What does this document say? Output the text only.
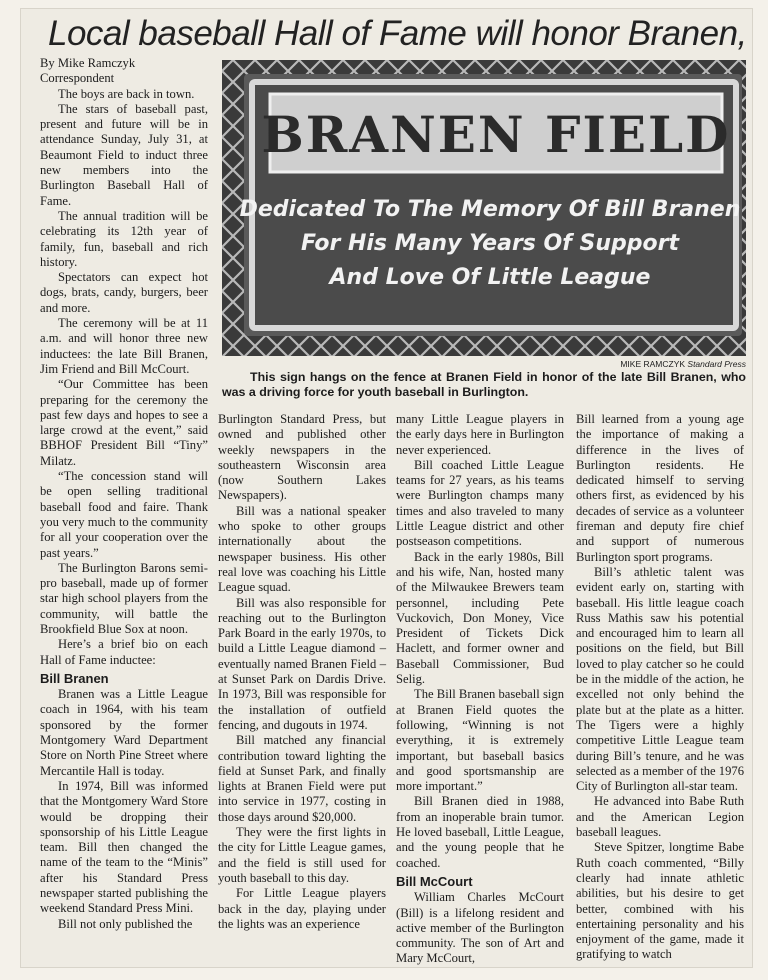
Local baseball Hall of Fame will honor Branen,

By Mike Ramczyk

Correspondent

The boys are back in town.

The stars of baseball past, present and future will be in attendance Sunday, July 31, at Beaumont Field to induct three new members into the Burlington Baseball Hall of Fame.

The annual tradition will be celebrating its 12th year of family, fun, baseball and rich history.

Spectators can expect hot dogs, brats, candy, burgers, beer and more.

The ceremony will be at 11 a.m. and will honor three new inductees: the late Bill Branen, Jim Friend and Bill McCourt.

“Our Committee has been preparing for the ceremony the past few days and hopes to see a large crowd at the event,” said BBHOF President Bill “Tiny” Milatz.

“The concession stand will be open selling traditional baseball food and faire. Thank you very much to the community for all your cooperation over the past years.”

The Burlington Barons semi-pro baseball, made up of former star high school players from the community, will battle the Brookfield Blue Sox at noon.

Here’s a brief bio on each Hall of Fame inductee:

Bill Branen

Branen was a Little League coach in 1964, with his team sponsored by the former Montgomery Ward Department Store on North Pine Street where Mercantile Hall is today.

In 1974, Bill was informed that the Montgomery Ward Store would be dropping their sponsorship of his Little League team. Bill then changed the name of the team to the “Minis” after his Standard Press newspaper started publishing the weekend Standard Press Mini.

Bill not only published the

BRANEN FIELD
Dedicated To The Memory Of Bill Branen
For His Many Years Of Support
And Love Of Little League
MIKE RAMCZYK Standard Press
This sign hangs on the fence at Branen Field in honor of the late Bill Branen, who was a driving force for youth baseball in Burlington.

Burlington Standard Press, but owned and published other weekly newspapers in the southeastern Wisconsin area (now Southern Lakes Newspapers).

Bill was a national speaker who spoke to other groups internationally about the newspaper business. His other real love was coaching his Little League squad.

Bill was also responsible for reaching out to the Burlington Park Board in the early 1970s, to build a Little League diamond – eventually named Branen Field – at Sunset Park on Dardis Drive. In 1973, Bill was responsible for the installation of outfield fencing, and dugouts in 1974.

Bill matched any financial contribution toward lighting the field at Sunset Park, and finally lights at Branen Field were put into service in 1977, costing in those days around $20,000.

They were the first lights in the city for Little League games, and the field is still used for youth baseball to this day.

For Little League players back in the day, playing under the lights was an experience

many Little League players in the early days here in Burlington never experienced.

Bill coached Little League teams for 27 years, as his teams were Burlington champs many times and also traveled to many Little League district and other postseason competitions.

Back in the early 1980s, Bill and his wife, Nan, hosted many of the Milwaukee Brewers team personnel, including Pete Vuckovich, Don Money, Vice President of Tickets Dick Haclett, and former owner and Baseball Commissioner, Bud Selig.

The Bill Branen baseball sign at Branen Field quotes the following, “Winning is not everything, it is extremely important, but baseball basics and good sportsmanship are more important.”

Bill Branen died in 1988, from an inoperable brain tumor. He loved baseball, Little League, and the young people that he coached.

Bill McCourt

William Charles McCourt (Bill) is a lifelong resident and active member of the Burlington community. The son of Art and Mary McCourt,

Bill learned from a young age the importance of making a difference in the lives of Burlington residents. He dedicated himself to serving others first, as evidenced by his decades of service as a volunteer fireman and deputy fire chief and support of numerous Burlington sport programs.

Bill’s athletic talent was evident early on, starting with baseball. His little league coach Russ Mathis saw his potential and encouraged him to learn all positions on the field, but Bill loved to play catcher so he could be in the middle of the action, he excelled not only behind the plate but at the plate as a hitter. The Tigers were a highly competitive Little League team during Bill’s tenure, and he was selected as a member of the 1976 City of Burlington all-star team.

He advanced into Babe Ruth and the American Legion baseball leagues.

Steve Spitzer, longtime Babe Ruth coach commented, “Billy clearly had innate athletic abilities, but his desire to get better, combined with his entertaining personality and his enjoyment of the game, made it gratifying to watch
